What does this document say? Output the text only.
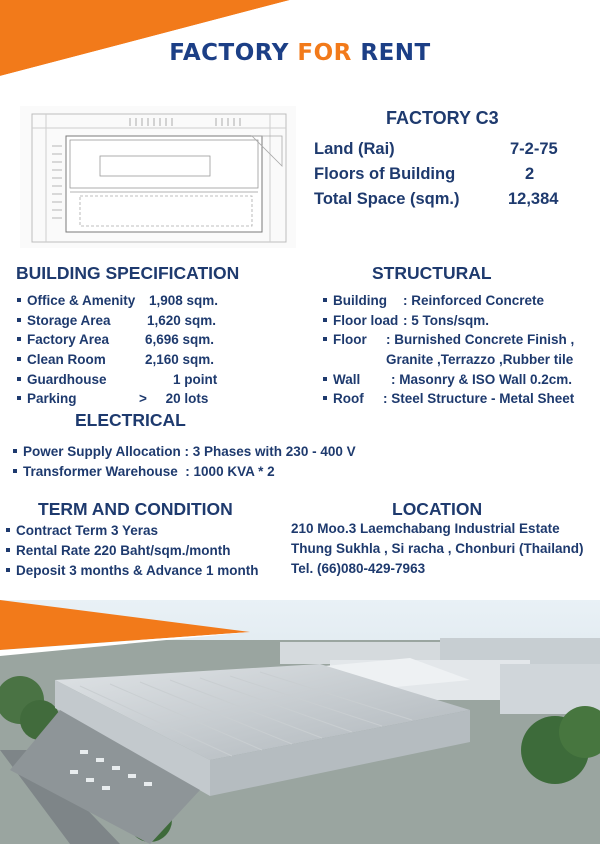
FACTORY FOR RENT
FACTORY C3
Land (Rai)	7-2-75
Floors of Building	2
Total Space (sqm.)	12,384
BUILDING SPECIFICATION
Office & Amenity 1,908 sqm.
Storage Area	1,620 sqm.
Factory Area	6,696 sqm.
Clean Room	2,160 sqm.
Guardhouse	1 point
Parking	>     20 lots
STRUCTURAL
Building : Reinforced Concrete
Floor load : 5 Tons/sqm.
Floor : Burnished Concrete Finish ,
Granite ,Terrazzo ,Rubber tile
Wall : Masonry & ISO Wall 0.2cm.
Roof : Steel Structure - Metal Sheet
ELECTRICAL
Power Supply Allocation : 3 Phases with 230 - 400 V
Transformer Warehouse  : 1000 KVA * 2
TERM AND CONDITION
Contract Term 3 Yeras
Rental Rate 220 Baht/sqm./month
Deposit 3 months & Advance 1 month
LOCATION
210 Moo.3 Laemchabang Industrial Estate
Thung Sukhla , Si racha , Chonburi (Thailand)
Tel. (66)080-429-7963
